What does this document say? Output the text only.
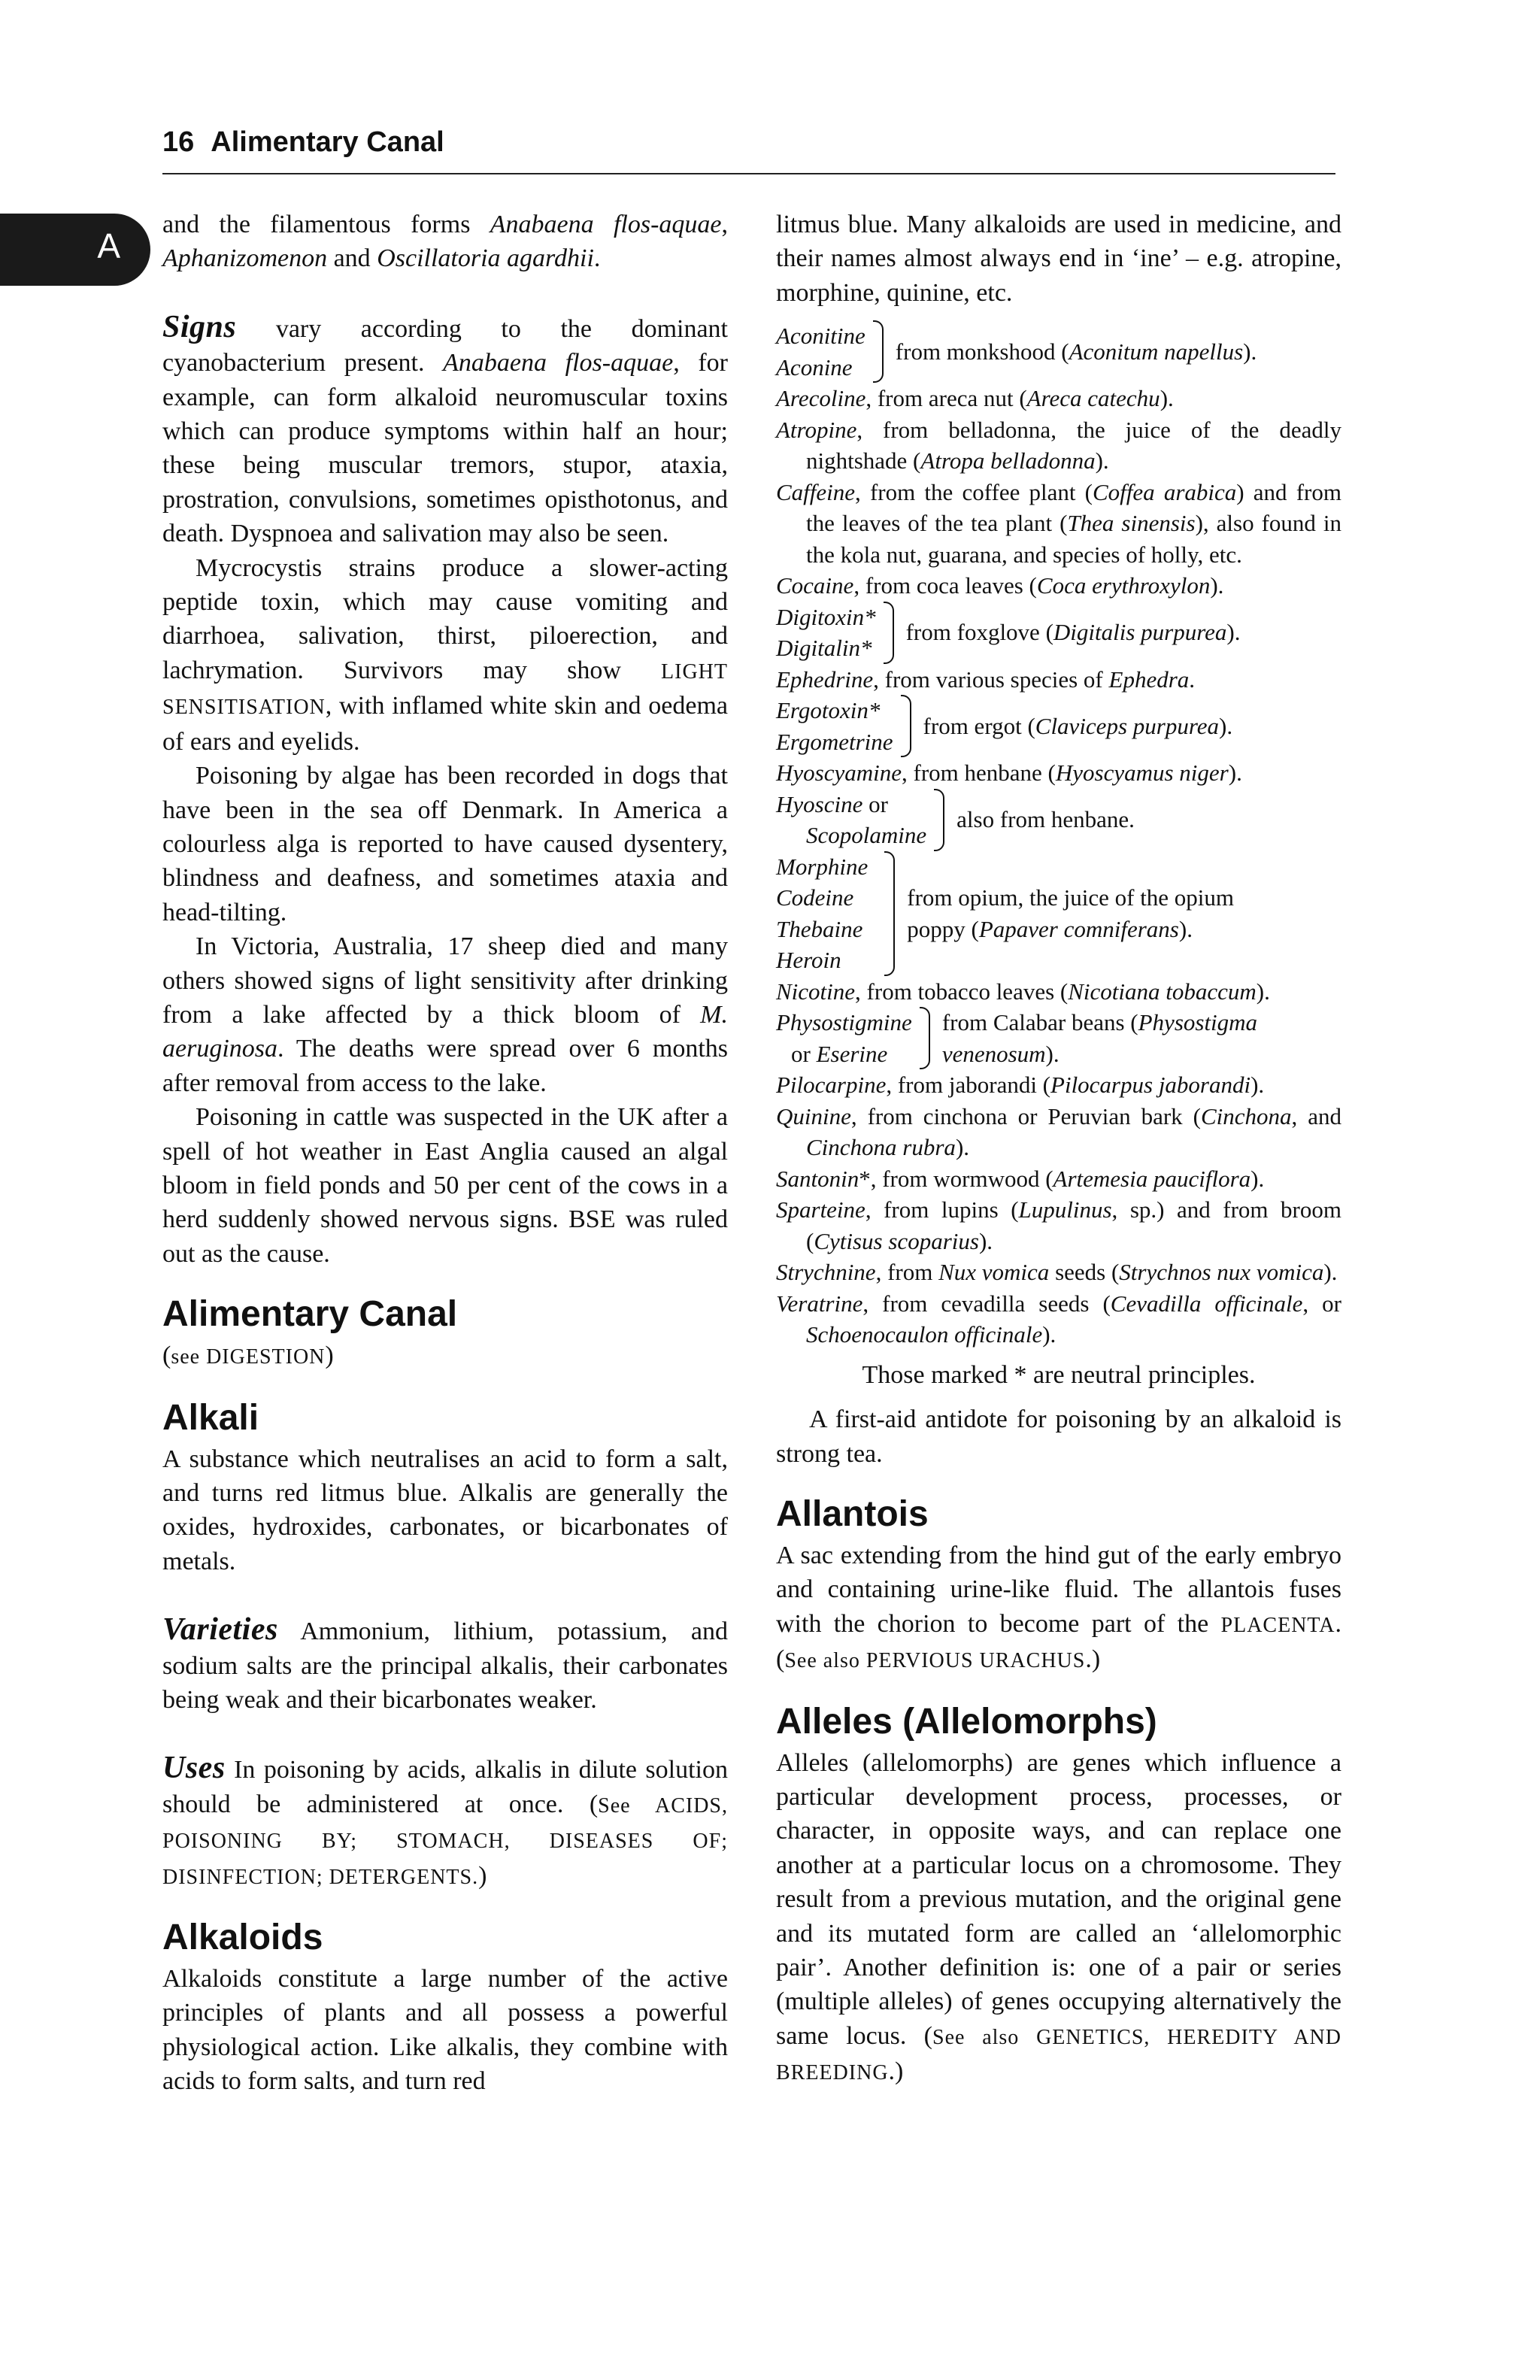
16 Alimentary Canal
A

and the filamentous forms Anabaena flos-aquae, Aphanizomenon and Oscillatoria agardhii.

Signs vary according to the dominant cyanobacterium present. Anabaena flos-aquae, for example, can form alkaloid neuromuscular toxins which can produce symptoms within half an hour; these being muscular tremors, stupor, ataxia, prostration, convulsions, sometimes opisthotonus, and death. Dyspnoea and salivation may also be seen.

Mycrocystis strains produce a slower-acting peptide toxin, which may cause vomiting and diarrhoea, salivation, thirst, piloerection, and lachrymation. Survivors may show LIGHT SENSITISATION, with inflamed white skin and oedema of ears and eyelids.

Poisoning by algae has been recorded in dogs that have been in the sea off Denmark. In America a colourless alga is reported to have caused dysentery, blindness and deafness, and sometimes ataxia and head-tilting.

In Victoria, Australia, 17 sheep died and many others showed signs of light sensitivity after drinking from a lake affected by a thick bloom of M. aeruginosa. The deaths were spread over 6 months after removal from access to the lake.

Poisoning in cattle was suspected in the UK after a spell of hot weather in East Anglia caused an algal bloom in field ponds and 50 per cent of the cows in a herd suddenly showed nervous signs. BSE was ruled out as the cause.

Alimentary Canal

(see DIGESTION)

Alkali

A substance which neutralises an acid to form a salt, and turns red litmus blue. Alkalis are generally the oxides, hydroxides, carbonates, or bicarbonates of metals.

Varieties Ammonium, lithium, potassium, and sodium salts are the principal alkalis, their carbonates being weak and their bicarbonates weaker.

Uses In poisoning by acids, alkalis in dilute solution should be administered at once. (See ACIDS, POISONING BY; STOMACH, DISEASES OF; DISINFECTION; DETERGENTS.)

Alkaloids

Alkaloids constitute a large number of the active principles of plants and all possess a powerful physiological action. Like alkalis, they combine with acids to form salts, and turn red

litmus blue. Many alkaloids are used in medicine, and their names almost always end in ‘ine’ – e.g. atropine, morphine, quinine, etc.

Aconitine
Aconine
from monkshood (Aconitum napellus).

Arecoline, from areca nut (Areca catechu).

Atropine, from belladonna, the juice of the deadly nightshade (Atropa belladonna).

Caffeine, from the coffee plant (Coffea arabica) and from the leaves of the tea plant (Thea sinensis), also found in the kola nut, guarana, and species of holly, etc.

Cocaine, from coca leaves (Coca erythroxylon).

Digitoxin*
Digitalin*
from foxglove (Digitalis purpurea).

Ephedrine, from various species of Ephedra.

Ergotoxin*
Ergometrine
from ergot (Claviceps purpurea).

Hyoscyamine, from henbane (Hyoscyamus niger).

Hyoscine or
Scopolamine
also from henbane.
Morphine
Codeine
Thebaine
Heroin
from opium, the juice of the opium
poppy (Papaver comniferans).

Nicotine, from tobacco leaves (Nicotiana tobaccum).

Physostigmine
or Eserine
from Calabar beans (Physostigma
venenosum).

Pilocarpine, from jaborandi (Pilocarpus jaborandi).

Quinine, from cinchona or Peruvian bark (Cinchona, and Cinchona rubra).

Santonin*, from wormwood (Artemesia pauciflora).

Sparteine, from lupins (Lupulinus, sp.) and from broom (Cytisus scoparius).

Strychnine, from Nux vomica seeds (Strychnos nux vomica).

Veratrine, from cevadilla seeds (Cevadilla officinale, or Schoenocaulon officinale).

Those marked * are neutral principles.

A first-aid antidote for poisoning by an alkaloid is strong tea.

Allantois

A sac extending from the hind gut of the early embryo and containing urine-like fluid. The allantois fuses with the chorion to become part of the PLACENTA. (See also PERVIOUS URACHUS.)

Alleles (Allelomorphs)

Alleles (allelomorphs) are genes which influence a particular development process, processes, or character, in opposite ways, and can replace one another at a particular locus on a chromosome. They result from a previous mutation, and the original gene and its mutated form are called an ‘allelomorphic pair’. Another definition is: one of a pair or series (multiple alleles) of genes occupying alternatively the same locus. (See also GENETICS, HEREDITY AND BREEDING.)
